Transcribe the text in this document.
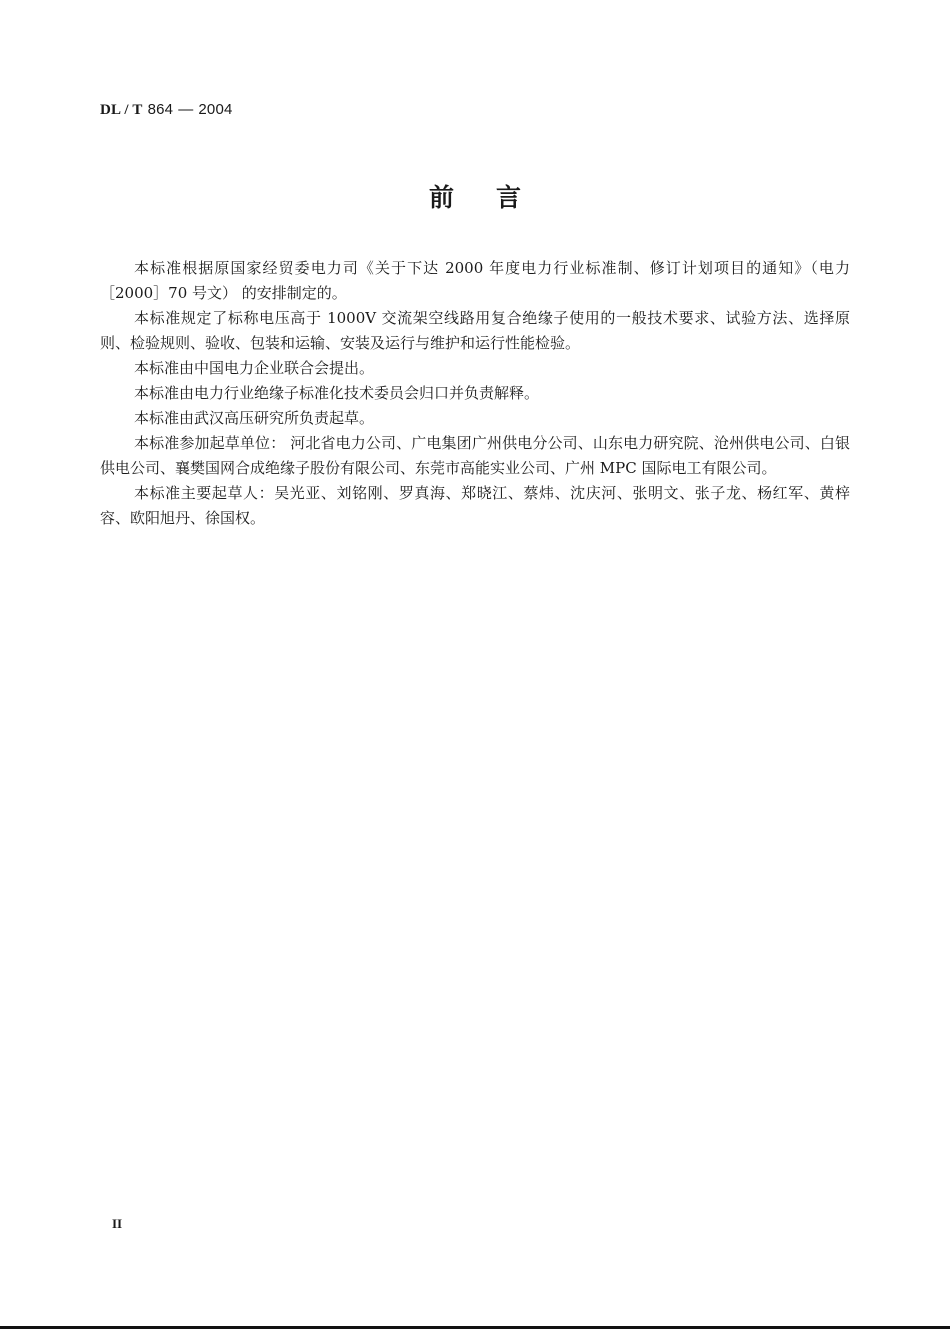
DL / T 864 — 2004
前言

本标准根据原国家经贸委电力司《关于下达 2000 年度电力行业标准制、修订计划项目的通知》（电力［2000］70 号文） 的安排制定的。

本标准规定了标称电压高于 1000V 交流架空线路用复合绝缘子使用的一般技术要求、试验方法、选择原则、检验规则、验收、包装和运输、安装及运行与维护和运行性能检验。

本标准由中国电力企业联合会提出。

本标准由电力行业绝缘子标准化技术委员会归口并负责解释。

本标准由武汉高压研究所负责起草。

本标准参加起草单位： 河北省电力公司、广电集团广州供电分公司、山东电力研究院、沧州供电公司、白银供电公司、襄樊国网合成绝缘子股份有限公司、东莞市高能实业公司、广州 MPC 国际电工有限公司。

本标准主要起草人：吴光亚、刘铭刚、罗真海、郑晓江、蔡炜、沈庆河、张明文、张子龙、杨红军、黄梓容、欧阳旭丹、徐国权。

II
